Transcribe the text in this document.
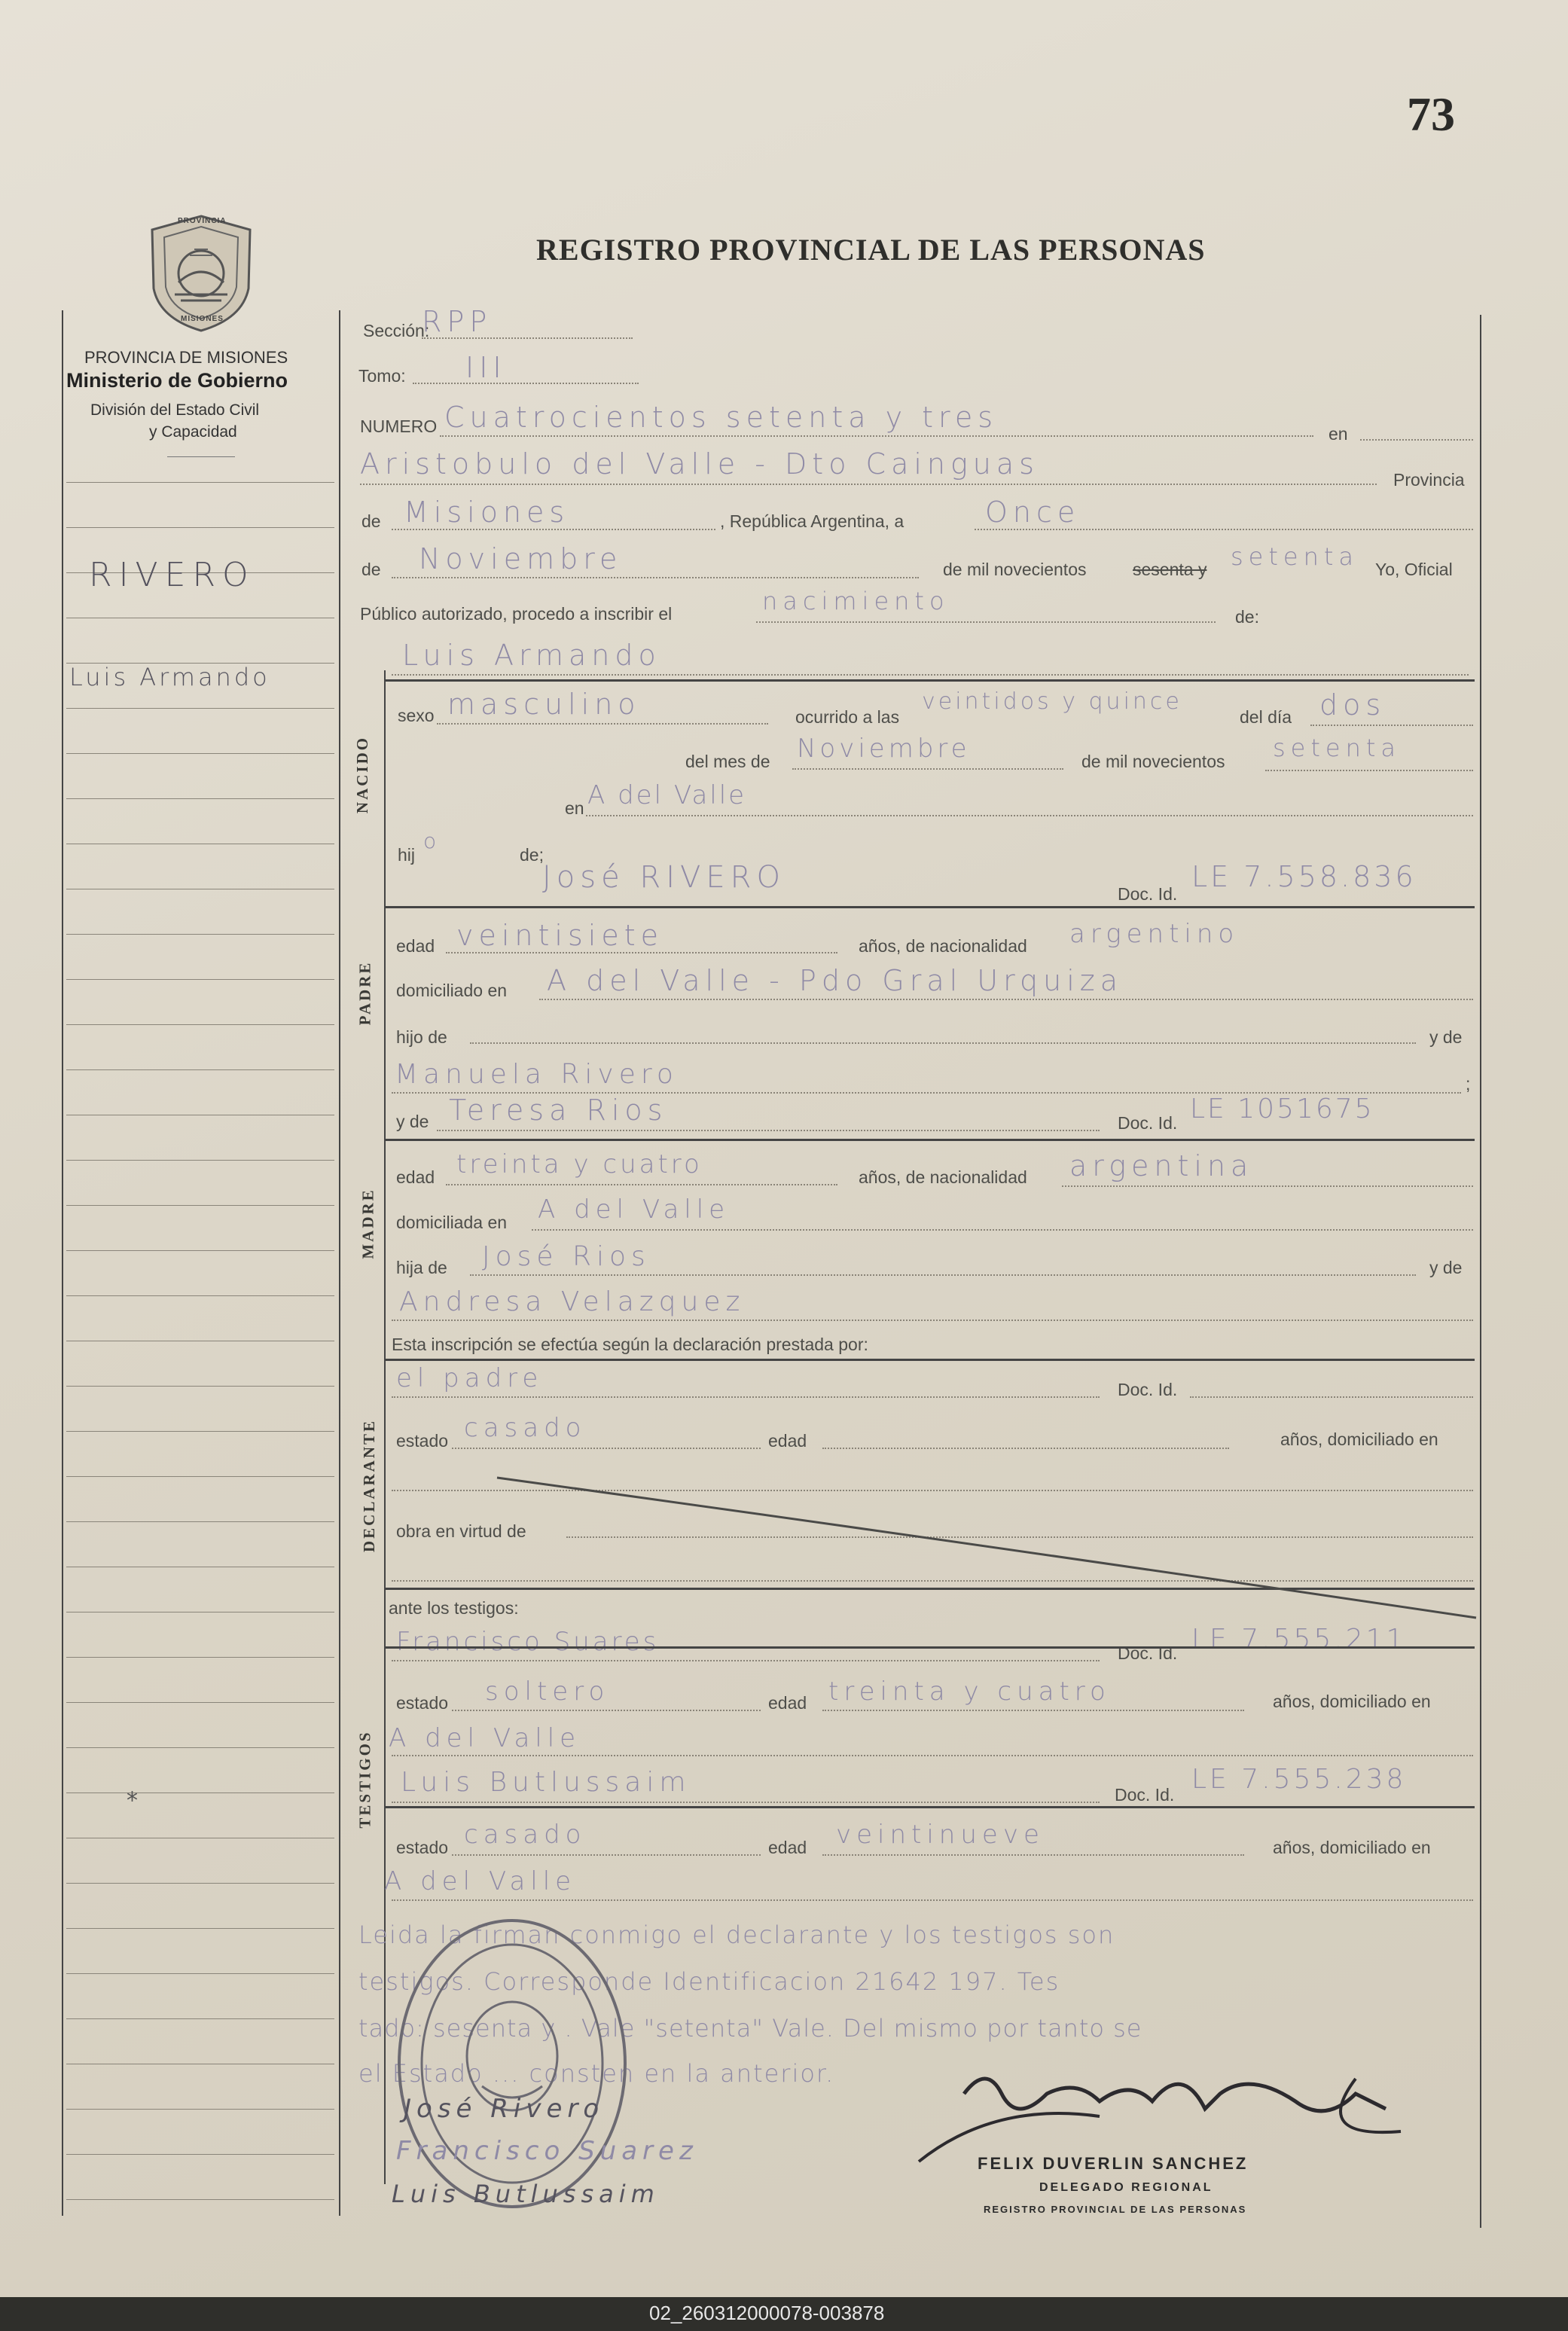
73
REGISTRO PROVINCIAL DE LAS PERSONAS
PROVINCIA
MISIONES
PROVINCIA DE MISIONES
Ministerio de Gobierno
División del Estado Civil
y Capacidad
RIVERO
Luis Armando
⁎
Sección:
RPP
Tomo: III
NUMERO Cuatrocientos setenta y tres	en
Aristobulo del Valle - Dto Cainguas	Provincia
de Misiones	, República Argentina, a	Once
de Noviembre	de mil novecientos	sesenta y setenta Yo, Oficial
Público autorizado, procedo a inscribir el	nacimiento
de:
Luis Armando
NACIDO
sexo masculino	ocurrido a las
veintidos y quince
del día dos
del mes de Noviembre	de mil novecientos setenta
en A del Valle
hij
o
de;
José RIVERO	Doc. Id.
LE 7.558.836
PADRE
edad veintisiete	años, de nacionalidad argentino
domiciliado en A del Valle - Pdo Gral Urquiza
hijo de	y de
Manuela Rivero	;
y de Teresa Rios	Doc. Id. LE 1051675
MADRE
edad treinta y cuatro	años, de nacionalidad argentina
domiciliada en A del Valle
hija de José Rios	y de
Andresa Velazquez
Esta inscripción se efectúa según la declaración prestada por:
DECLARANTE
el padre	Doc. Id.
estado casado	edad	años, domiciliado en
obra en virtud de
ante los testigos:
TESTIGOS
Francisco Suares	Doc. Id. LE 7.555.211
estado soltero	edad treinta y cuatro	años, domiciliado en
A del Valle
Luis Butlussaim	Doc. Id. LE 7.555.238
estado casado	edad veintinueve	años, domiciliado en
A del Valle
Leida la firman conmigo el declarante y los testigos son
testigos. Corresponde Identificacion 21642 197. Tes
tado: sesenta y . Vale "setenta" Vale. Del mismo por tanto se
el Estado ... consten en la anterior.
José Rivero
Francisco Suarez
Luis Butlussaim
FELIX DUVERLIN SANCHEZ
DELEGADO REGIONAL
REGISTRO PROVINCIAL DE LAS PERSONAS
02_260312000078-003878
